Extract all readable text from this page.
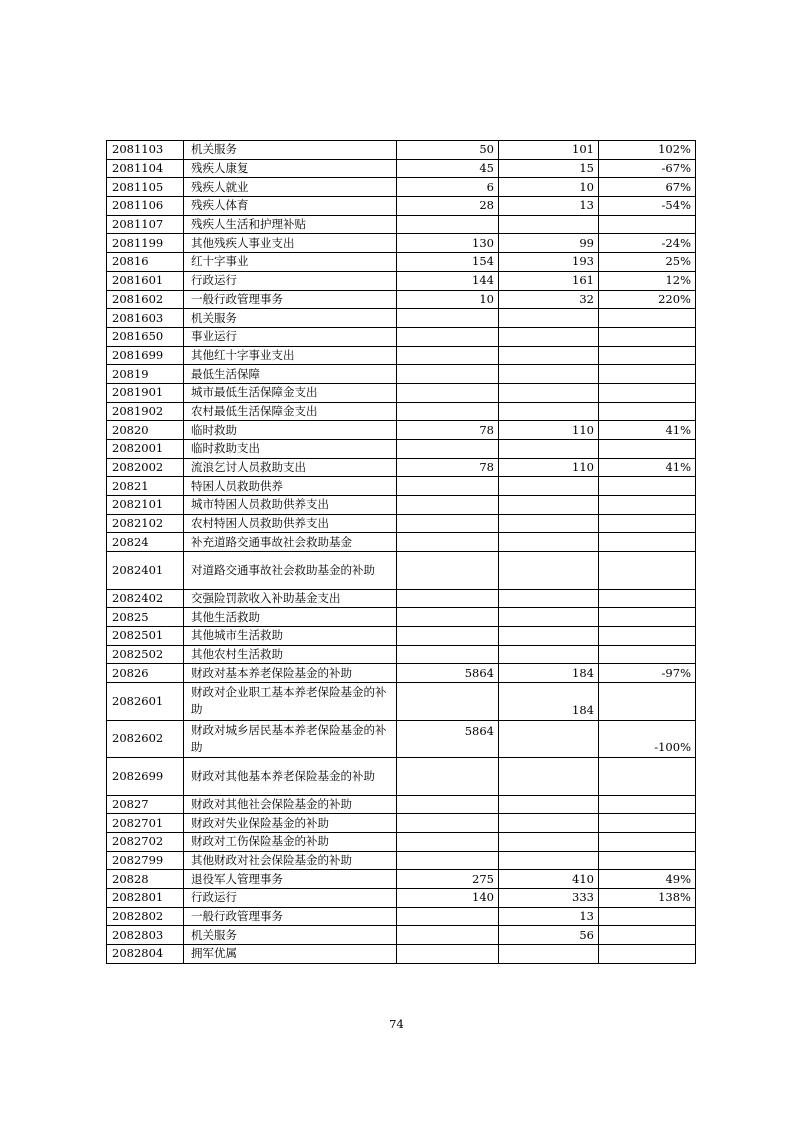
2081103	机关服务	50	101	102%
2081104	残疾人康复	45	15	-67%
2081105	残疾人就业	6	10	67%
2081106	残疾人体育	28	13	-54%
2081107	残疾人生活和护理补贴			
2081199	其他残疾人事业支出	130	99	-24%
20816	红十字事业	154	193	25%
2081601	行政运行	144	161	12%
2081602	一般行政管理事务	10	32	220%
2081603	机关服务			
2081650	事业运行			
2081699	其他红十字事业支出			
20819	最低生活保障			
2081901	城市最低生活保障金支出			
2081902	农村最低生活保障金支出			
20820	临时救助	78	110	41%
2082001	临时救助支出			
2082002	流浪乞讨人员救助支出	78	110	41%
20821	特困人员救助供养			
2082101	城市特困人员救助供养支出			
2082102	农村特困人员救助供养支出			
20824	补充道路交通事故社会救助基金			
2082401	对道路交通事故社会救助基金的补助			
2082402	交强险罚款收入补助基金支出			
20825	其他生活救助			
2082501	其他城市生活救助			
2082502	其他农村生活救助			
20826	财政对基本养老保险基金的补助	5864	184	-97%
2082601	财政对企业职工基本养老保险基金的补助		184	
2082602	财政对城乡居民基本养老保险基金的补助	5864		-100%
2082699	财政对其他基本养老保险基金的补助			
20827	财政对其他社会保险基金的补助			
2082701	财政对失业保险基金的补助			
2082702	财政对工伤保险基金的补助			
2082799	其他财政对社会保险基金的补助			
20828	退役军人管理事务	275	410	49%
2082801	行政运行	140	333	138%
2082802	一般行政管理事务		13	
2082803	机关服务		56	
2082804	拥军优属			
74
